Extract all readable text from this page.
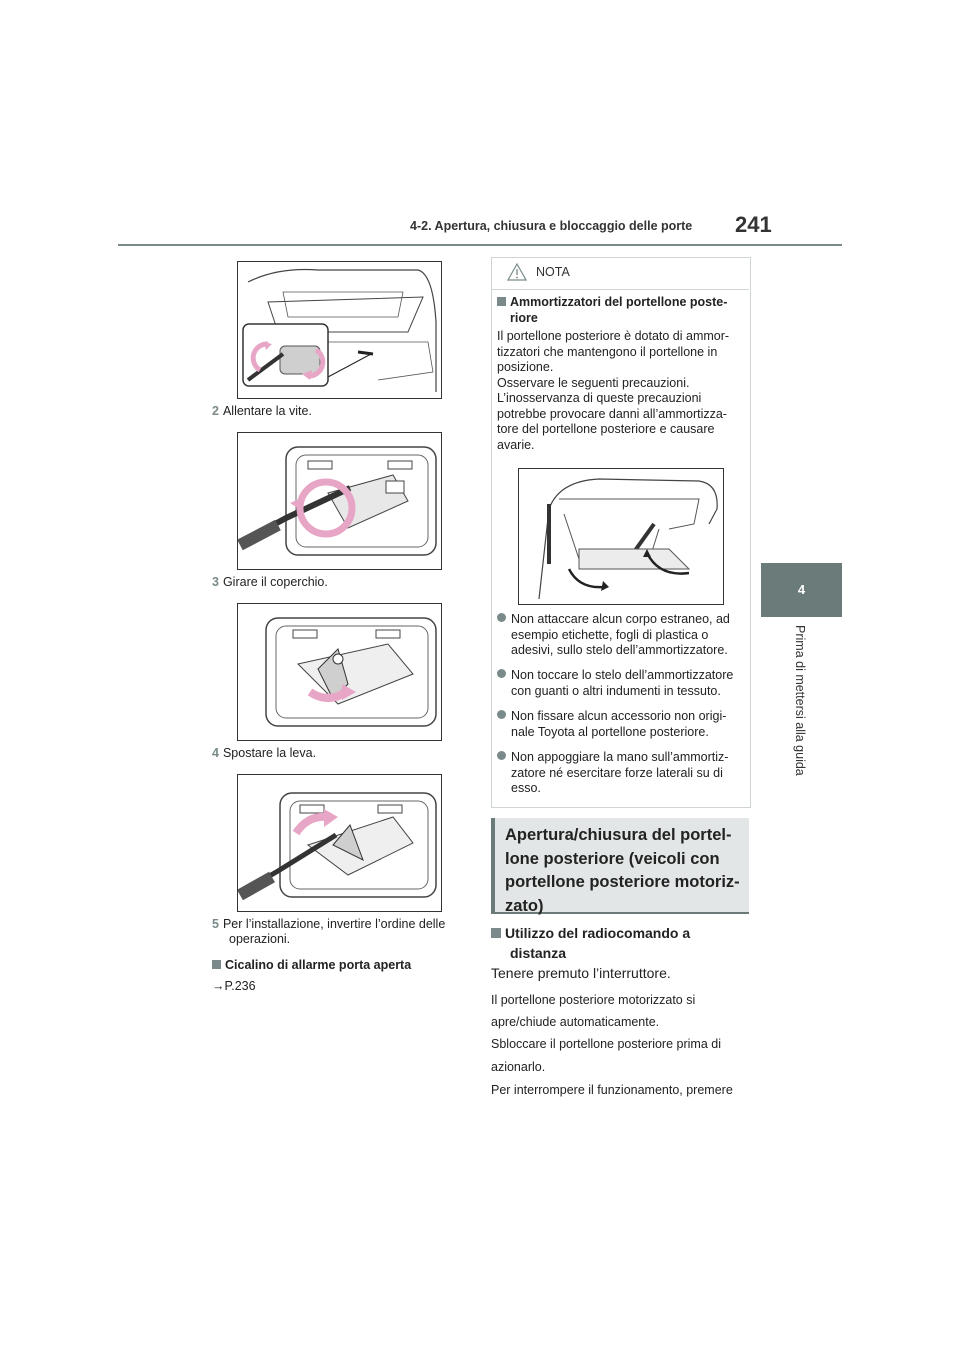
4-2. Apertura, chiusura e bloccaggio delle porte	241
4
Prima di mettersi alla guida
2 Allentare la vite.
3 Girare il coperchio.
4 Spostare la leva.
5 Per l’installazione, invertire l’ordine delle
operazioni.
Cicalino di allarme porta aperta
→P.236
NOTA
Ammortizzatori del portellone poste-
riore
Il portellone posteriore è dotato di ammor-
tizzatori che mantengono il portellone in
posizione.
Osservare le seguenti precauzioni.
L’inosservanza di queste precauzioni
potrebbe provocare danni all’ammortizza-
tore del portellone posteriore e causare
avarie.
Non attaccare alcun corpo estraneo, ad
esempio etichette, fogli di plastica o
adesivi, sullo stelo dell’ammortizzatore.
Non toccare lo stelo dell’ammortizzatore
con guanti o altri indumenti in tessuto.
Non fissare alcun accessorio non origi-
nale Toyota al portellone posteriore.
Non appoggiare la mano sull’ammortiz-
zatore né esercitare forze laterali su di
esso.
Apertura/chiusura del portel-
lone posteriore (veicoli con
portellone posteriore motoriz-
zato)
Utilizzo del radiocomando a
distanza
Tenere premuto l’interruttore.
Il portellone posteriore motorizzato si
apre/chiude automaticamente.
Sbloccare il portellone posteriore prima di
azionarlo.
Per interrompere il funzionamento, premere
